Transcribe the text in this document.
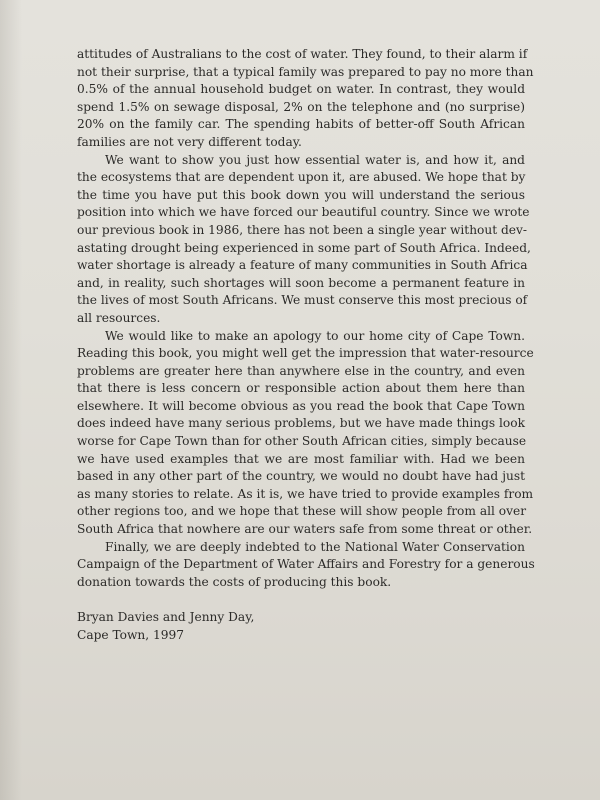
attitudes of Australians to the cost of water. They found, to their alarm if
not their surprise, that a typical family was prepared to pay no more than
0.5% of the annual household budget on water. In contrast, they would
spend 1.5% on sewage disposal, 2% on the telephone and (no surprise)
20% on the family car. The spending habits of better-off South African
families are not very different today.
We want to show you just how essential water is, and how it, and
the ecosystems that are dependent upon it, are abused. We hope that by
the time you have put this book down you will understand the serious
position into which we have forced our beautiful country. Since we wrote
our previous book in 1986, there has not been a single year without dev-
astating drought being experienced in some part of South Africa. Indeed,
water shortage is already a feature of many communities in South Africa
and, in reality, such shortages will soon become a permanent feature in
the lives of most South Africans. We must conserve this most precious of
all resources.
We would like to make an apology to our home city of Cape Town.
Reading this book, you might well get the impression that water-resource
problems are greater here than anywhere else in the country, and even
that there is less concern or responsible action about them here than
elsewhere. It will become obvious as you read the book that Cape Town
does indeed have many serious problems, but we have made things look
worse for Cape Town than for other South African cities, simply because
we have used examples that we are most familiar with. Had we been
based in any other part of the country, we would no doubt have had just
as many stories to relate. As it is, we have tried to provide examples from
other regions too, and we hope that these will show people from all over
South Africa that nowhere are our waters safe from some threat or other.
Finally, we are deeply indebted to the National Water Conservation
Campaign of the Department of Water Affairs and Forestry for a generous
donation towards the costs of producing this book.
Bryan Davies and Jenny Day,
Cape Town, 1997
